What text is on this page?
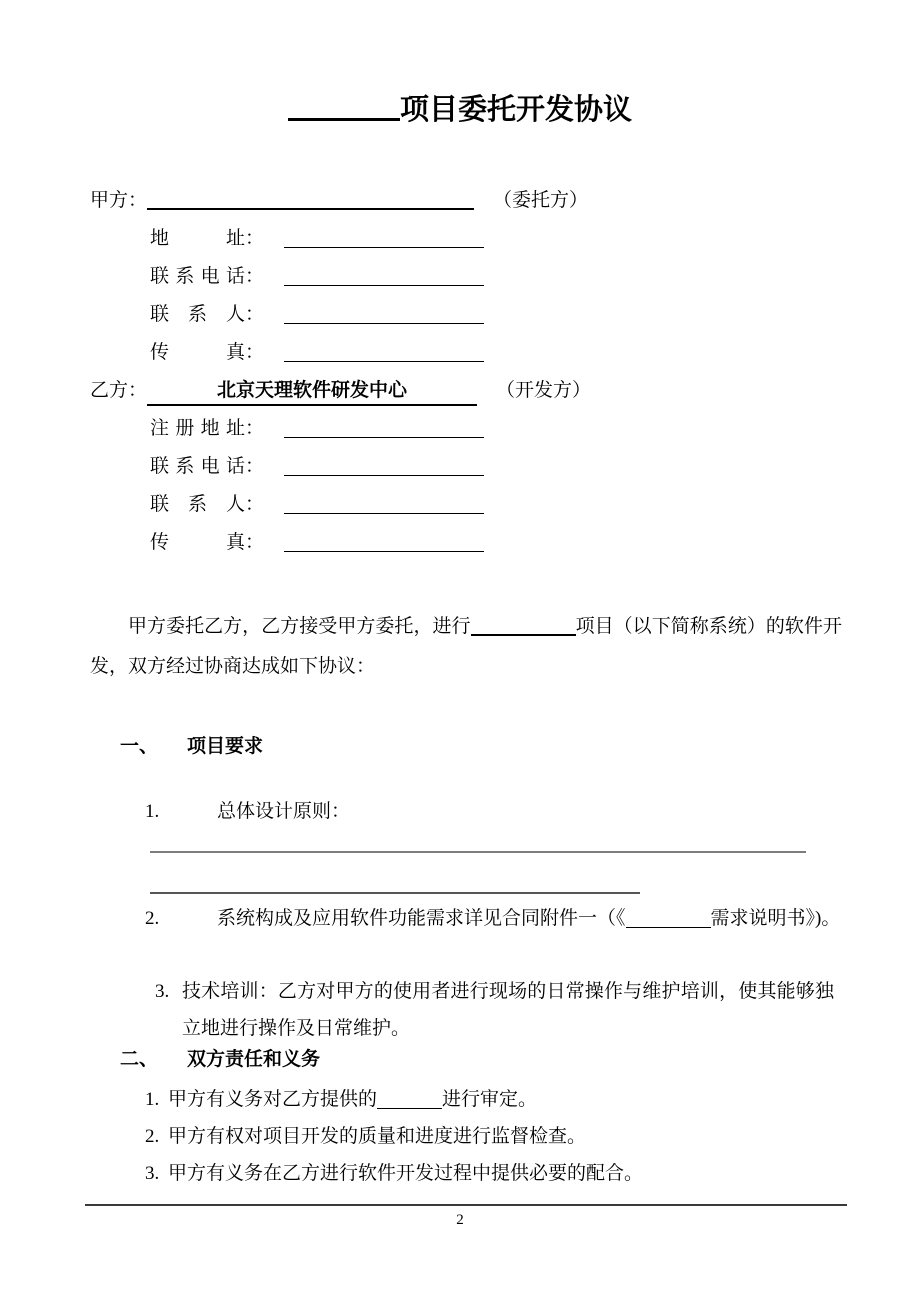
项目委托开发协议
甲方：	（委托方）
地址：
联系电话：
联系人：
传真：
乙方：	北京天理软件研发中心	（开发方）
注册地址：
联系电话：
联系人：
传真：
甲方委托乙方，乙方接受甲方委托，进行	项目（以下简称系统）的软件开发，双方经过协商达成如下协议：
一、 项目要求
1.	总体设计原则：
2.	系统构成及应用软件功能需求详见合同附件一（《	需求说明书》)。
3. 技术培训：乙方对甲方的使用者进行现场的日常操作与维护培训，使其能够独立地进行操作及日常维护。
二、 双方责任和义务
1. 甲方有义务对乙方提供的	进行审定。
2. 甲方有权对项目开发的质量和进度进行监督检查。
3. 甲方有义务在乙方进行软件开发过程中提供必要的配合。
2
